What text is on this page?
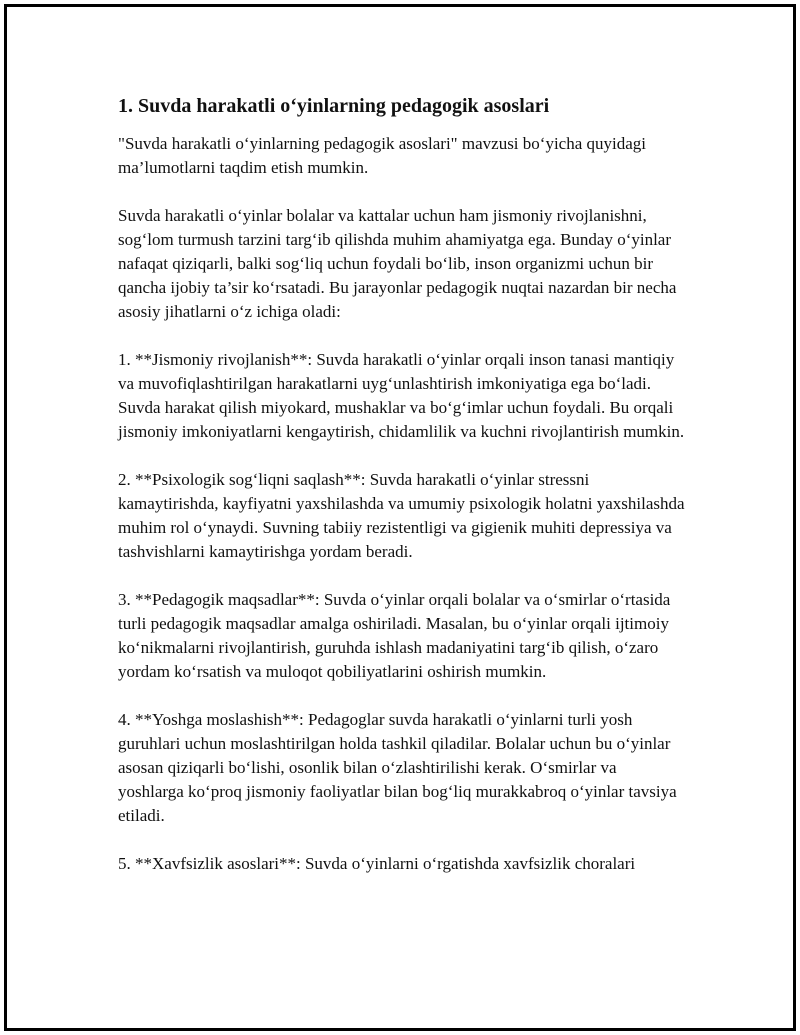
1. Suvda harakatli o‘yinlarning pedagogik asoslari

"Suvda harakatli o‘yinlarning pedagogik asoslari" mavzusi bo‘yicha quyidagi ma’lumotlarni taqdim etish mumkin.

Suvda harakatli o‘yinlar bolalar va kattalar uchun ham jismoniy rivojlanishni, sog‘lom turmush tarzini targ‘ib qilishda muhim ahamiyatga ega. Bunday o‘yinlar nafaqat qiziqarli, balki sog‘liq uchun foydali bo‘lib, inson organizmi uchun bir qancha ijobiy ta’sir ko‘rsatadi. Bu jarayonlar pedagogik nuqtai nazardan bir necha asosiy jihatlarni o‘z ichiga oladi:

1. **Jismoniy rivojlanish**: Suvda harakatli o‘yinlar orqali inson tanasi mantiqiy va muvofiqlashtirilgan harakatlarni uyg‘unlashtirish imkoniyatiga ega bo‘ladi. Suvda harakat qilish miyokard, mushaklar va bo‘g‘imlar uchun foydali. Bu orqali jismoniy imkoniyatlarni kengaytirish, chidamlilik va kuchni rivojlantirish mumkin.

2. **Psixologik sog‘liqni saqlash**: Suvda harakatli o‘yinlar stressni kamaytirishda, kayfiyatni yaxshilashda va umumiy psixologik holatni yaxshilashda muhim rol o‘ynaydi. Suvning tabiiy rezistentligi va gigienik muhiti depressiya va tashvishlarni kamaytirishga yordam beradi.

3. **Pedagogik maqsadlar**: Suvda o‘yinlar orqali bolalar va o‘smirlar o‘rtasida turli pedagogik maqsadlar amalga oshiriladi. Masalan, bu o‘yinlar orqali ijtimoiy ko‘nikmalarni rivojlantirish, guruhda ishlash madaniyatini targ‘ib qilish, o‘zaro yordam ko‘rsatish va muloqot qobiliyatlarini oshirish mumkin.

4. **Yoshga moslashish**: Pedagoglar suvda harakatli o‘yinlarni turli yosh guruhlari uchun moslashtirilgan holda tashkil qiladilar. Bolalar uchun bu o‘yinlar asosan qiziqarli bo‘lishi, osonlik bilan o‘zlashtirilishi kerak. O‘smirlar va yoshlarga ko‘proq jismoniy faoliyatlar bilan bog‘liq murakkabroq o‘yinlar tavsiya etiladi.

5. **Xavfsizlik asoslari**: Suvda o‘yinlarni o‘rgatishda xavfsizlik choralari
